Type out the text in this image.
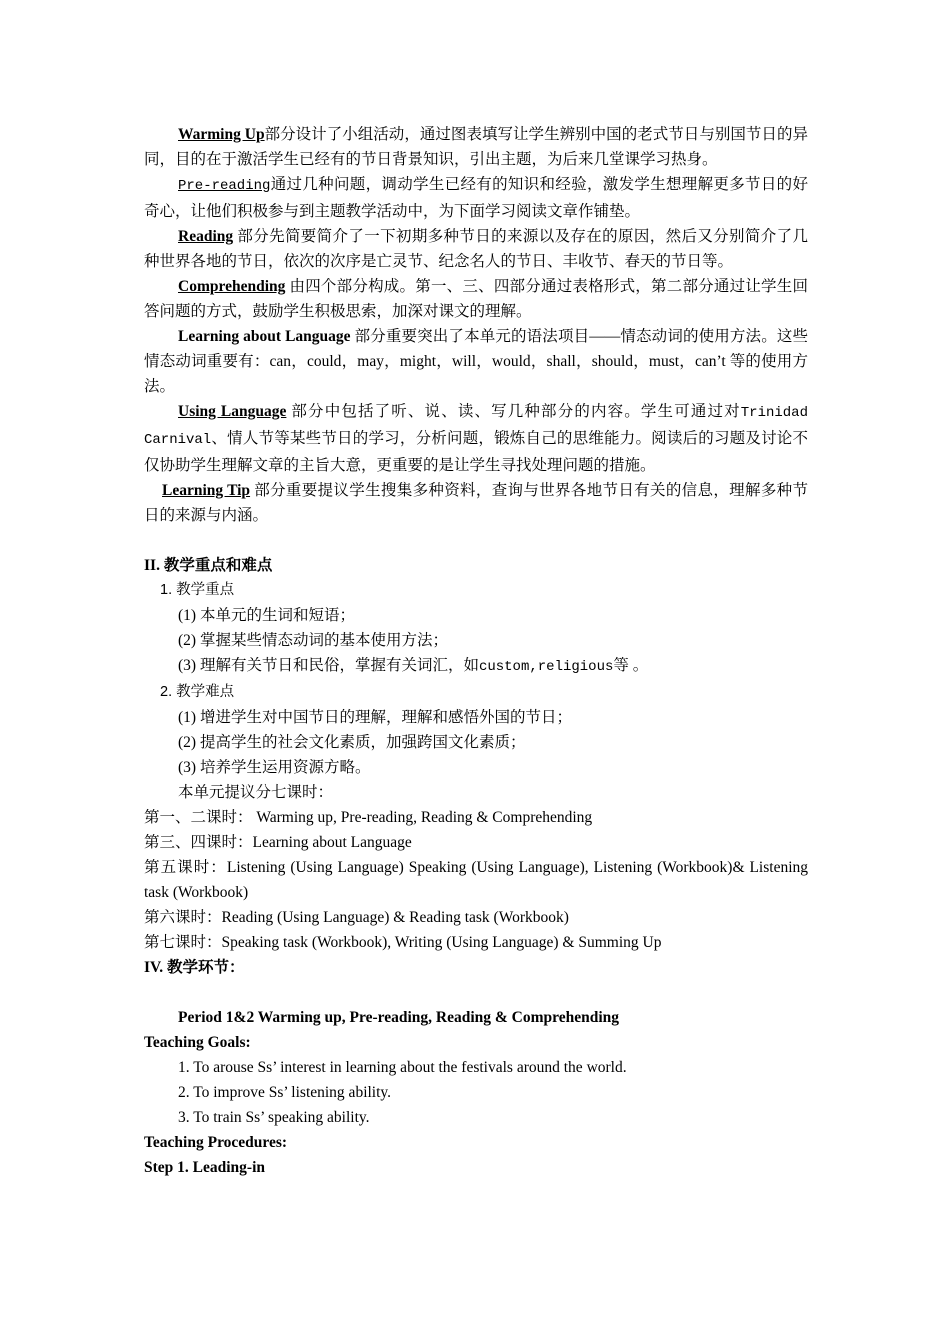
Warming Up部分设计了小组活动，通过图表填写让学生辨别中国的老式节日与别国节日的异同，目的在于激活学生已经有的节日背景知识，引出主题，为后来几堂课学习热身。

Pre-reading通过几种问题，调动学生已经有的知识和经验，激发学生想理解更多节日的好奇心，让他们积极参与到主题教学活动中，为下面学习阅读文章作铺垫。

Reading 部分先简要简介了一下初期多种节日的来源以及存在的原因，然后又分别简介了几种世界各地的节日，依次的次序是亡灵节、纪念名人的节日、丰收节、春天的节日等。

Comprehending 由四个部分构成。第一、三、四部分通过表格形式，第二部分通过让学生回答问题的方式，鼓励学生积极思索，加深对课文的理解。

Learning about Language 部分重要突出了本单元的语法项目——情态动词的使用方法。这些情态动词重要有：can，could，may，might，will，would，shall，should，must，can’t 等的使用方法。

Using Language 部分中包括了听、说、读、写几种部分的内容。学生可通过对Trinidad Carnival、情人节等某些节日的学习，分析问题，锻炼自己的思维能力。阅读后的习题及讨论不仅协助学生理解文章的主旨大意，更重要的是让学生寻找处理问题的措施。

Learning Tip 部分重要提议学生搜集多种资料，查询与世界各地节日有关的信息，理解多种节日的来源与内涵。

II. 教学重点和难点

1. 教学重点

(1) 本单元的生词和短语；

(2) 掌握某些情态动词的基本使用方法；

(3) 理解有关节日和民俗，掌握有关词汇，如custom,religious等 。

2. 教学难点

(1) 增进学生对中国节日的理解，理解和感悟外国的节日；

(2) 提高学生的社会文化素质，加强跨国文化素质；

(3) 培养学生运用资源方略。

本单元提议分七课时：

第一、二课时： Warming up, Pre-reading, Reading & Comprehending

第三、四课时：Learning about Language

第五课时：Listening (Using Language) Speaking (Using Language), Listening (Workbook)& Listening task (Workbook)

第六课时：Reading (Using Language) & Reading task (Workbook)

第七课时：Speaking task (Workbook), Writing (Using Language) & Summing Up

IV. 教学环节：

Period 1&2 Warming up, Pre-reading, Reading & Comprehending

Teaching Goals:

1. To arouse Ss’ interest in learning about the festivals around the world.

2. To improve Ss’ listening ability.

3. To train Ss’ speaking ability.

Teaching Procedures:

Step 1. Leading-in
